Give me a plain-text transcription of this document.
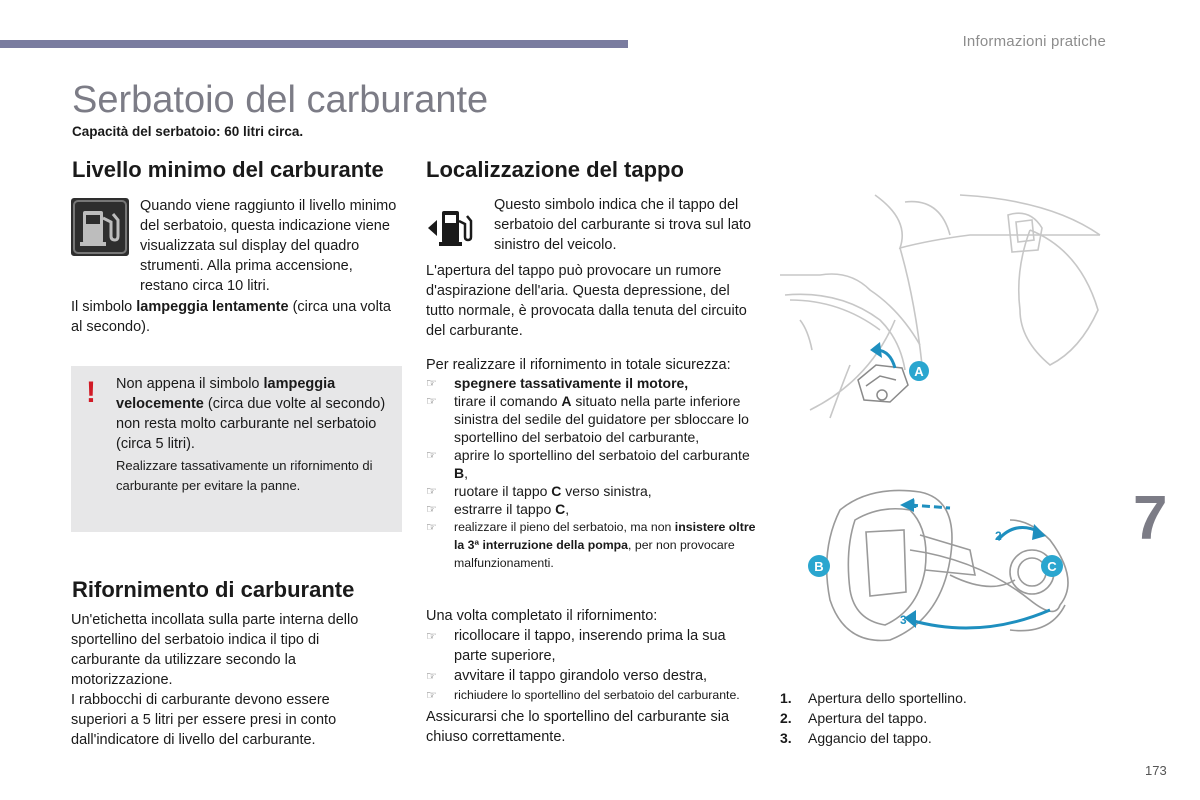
Informazioni pratiche
Serbatoio del carburante
Capacità del serbatoio: 60 litri circa.
Livello minimo del carburante
Quando viene raggiunto il livello minimo del serbatoio, questa indicazione viene visualizzata sul display del quadro strumenti. Alla prima accensione, restano circa 10 litri.
Il simbolo lampeggia lentamente (circa una volta al secondo).
! Non appena il simbolo lampeggia velocemente (circa due volte al secondo) non resta molto carburante nel serbatoio (circa 5 litri).
Realizzare tassativamente un rifornimento di carburante per evitare la panne.
Rifornimento di carburante
Un'etichetta incollata sulla parte interna dello sportellino del serbatoio indica il tipo di carburante da utilizzare secondo la motorizzazione.
I rabbocchi di carburante devono essere superiori a 5 litri per essere presi in conto dall'indicatore di livello del carburante.
Localizzazione del tappo
Questo simbolo indica che il tappo del serbatoio del carburante si trova sul lato sinistro del veicolo.
L'apertura del tappo può provocare un rumore d'aspirazione dell'aria. Questa depressione, del tutto normale, è provocata dalla tenuta del circuito del carburante.
Per realizzare il rifornimento in totale sicurezza:
☞ spegnere tassativamente il motore,
☞ tirare il comando A situato nella parte inferiore sinistra del sedile del guidatore per sbloccare lo sportellino del serbatoio del carburante,
☞ aprire lo sportellino del serbatoio del carburante B,
☞ ruotare il tappo C verso sinistra,
☞ estrarre il tappo C,
☞ realizzare il pieno del serbatoio, ma non insistere oltre la 3ª interruzione della pompa, per non provocare malfunzionamenti.
Una volta completato il rifornimento:
☞ ricollocare il tappo, inserendo prima la sua parte superiore,
☞ avvitare il tappo girandolo verso destra,
☞ richiudere lo sportellino del serbatoio del carburante.
Assicurarsi che lo sportellino del carburante sia chiuso correttamente.
A
1
2
3
B	C
1. Apertura dello sportellino.
2. Apertura del tappo.
3. Aggancio del tappo.
7
173
